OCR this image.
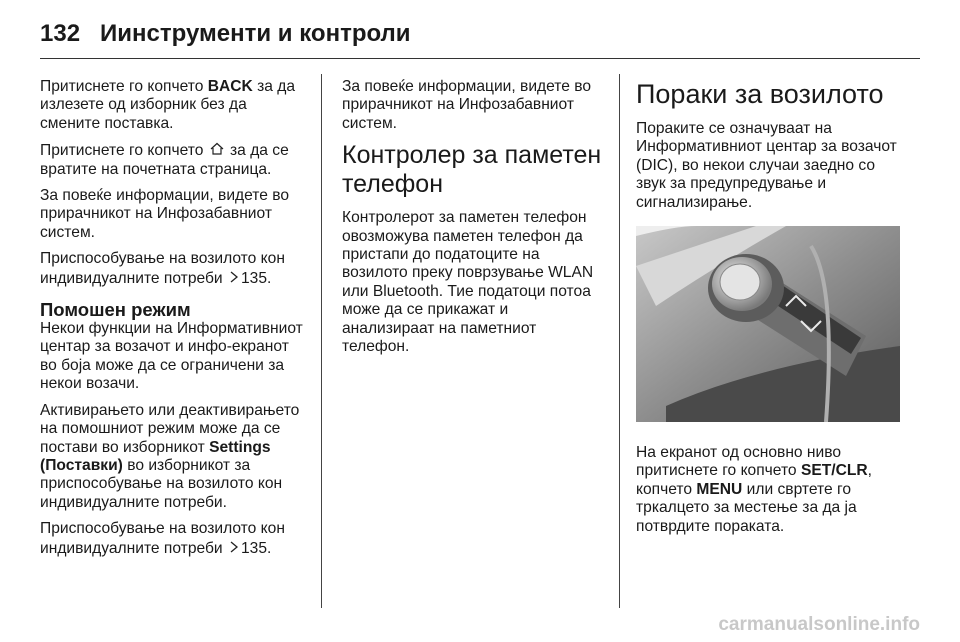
132 Иинструменти и контроли

Притиснете го копчето BACK за да излезете од изборник без да смените поставка.

Притиснете го копчето  за да се вратите на почетната страница.

За повеќе информации, видете во прирачникот на Инфозабавниот систем.

Приспособување на возилото кон индивидуалните потреби 135.

Помошен режим

Некои функции на Информативниот центар за возачот и инфо-екранот во боја може да се ограничени за некои возачи.

Активирањето или деактивирањето на помошниот режим може да се постави во изборникот Settings (Поставки) во изборникот за приспособување на возилото кон индивидуалните потреби.

Приспособување на возилото кон индивидуалните потреби 135.

За повеќе информации, видете во прирачникот на Инфозабавниот систем.

Контролер за паметен телефон

Контролерот за паметен телефон овозможува паметен телефон да пристапи до податоците на возилото преку поврзување WLAN или Bluetooth. Тие податоци потоа може да се прикажат и анализираат на паметниот телефон.

Пораки за возилото

Пораките се означуваат на Информативниот центар за возачот (DIC), во некои случаи заедно со звук за предупредување и сигнализирање.

На екранот од основно ниво притиснете го копчето SET/CLR, копчето MENU или свртете го тркалцето за местење за да ја потврдите пораката.

carmanualsonline.info
